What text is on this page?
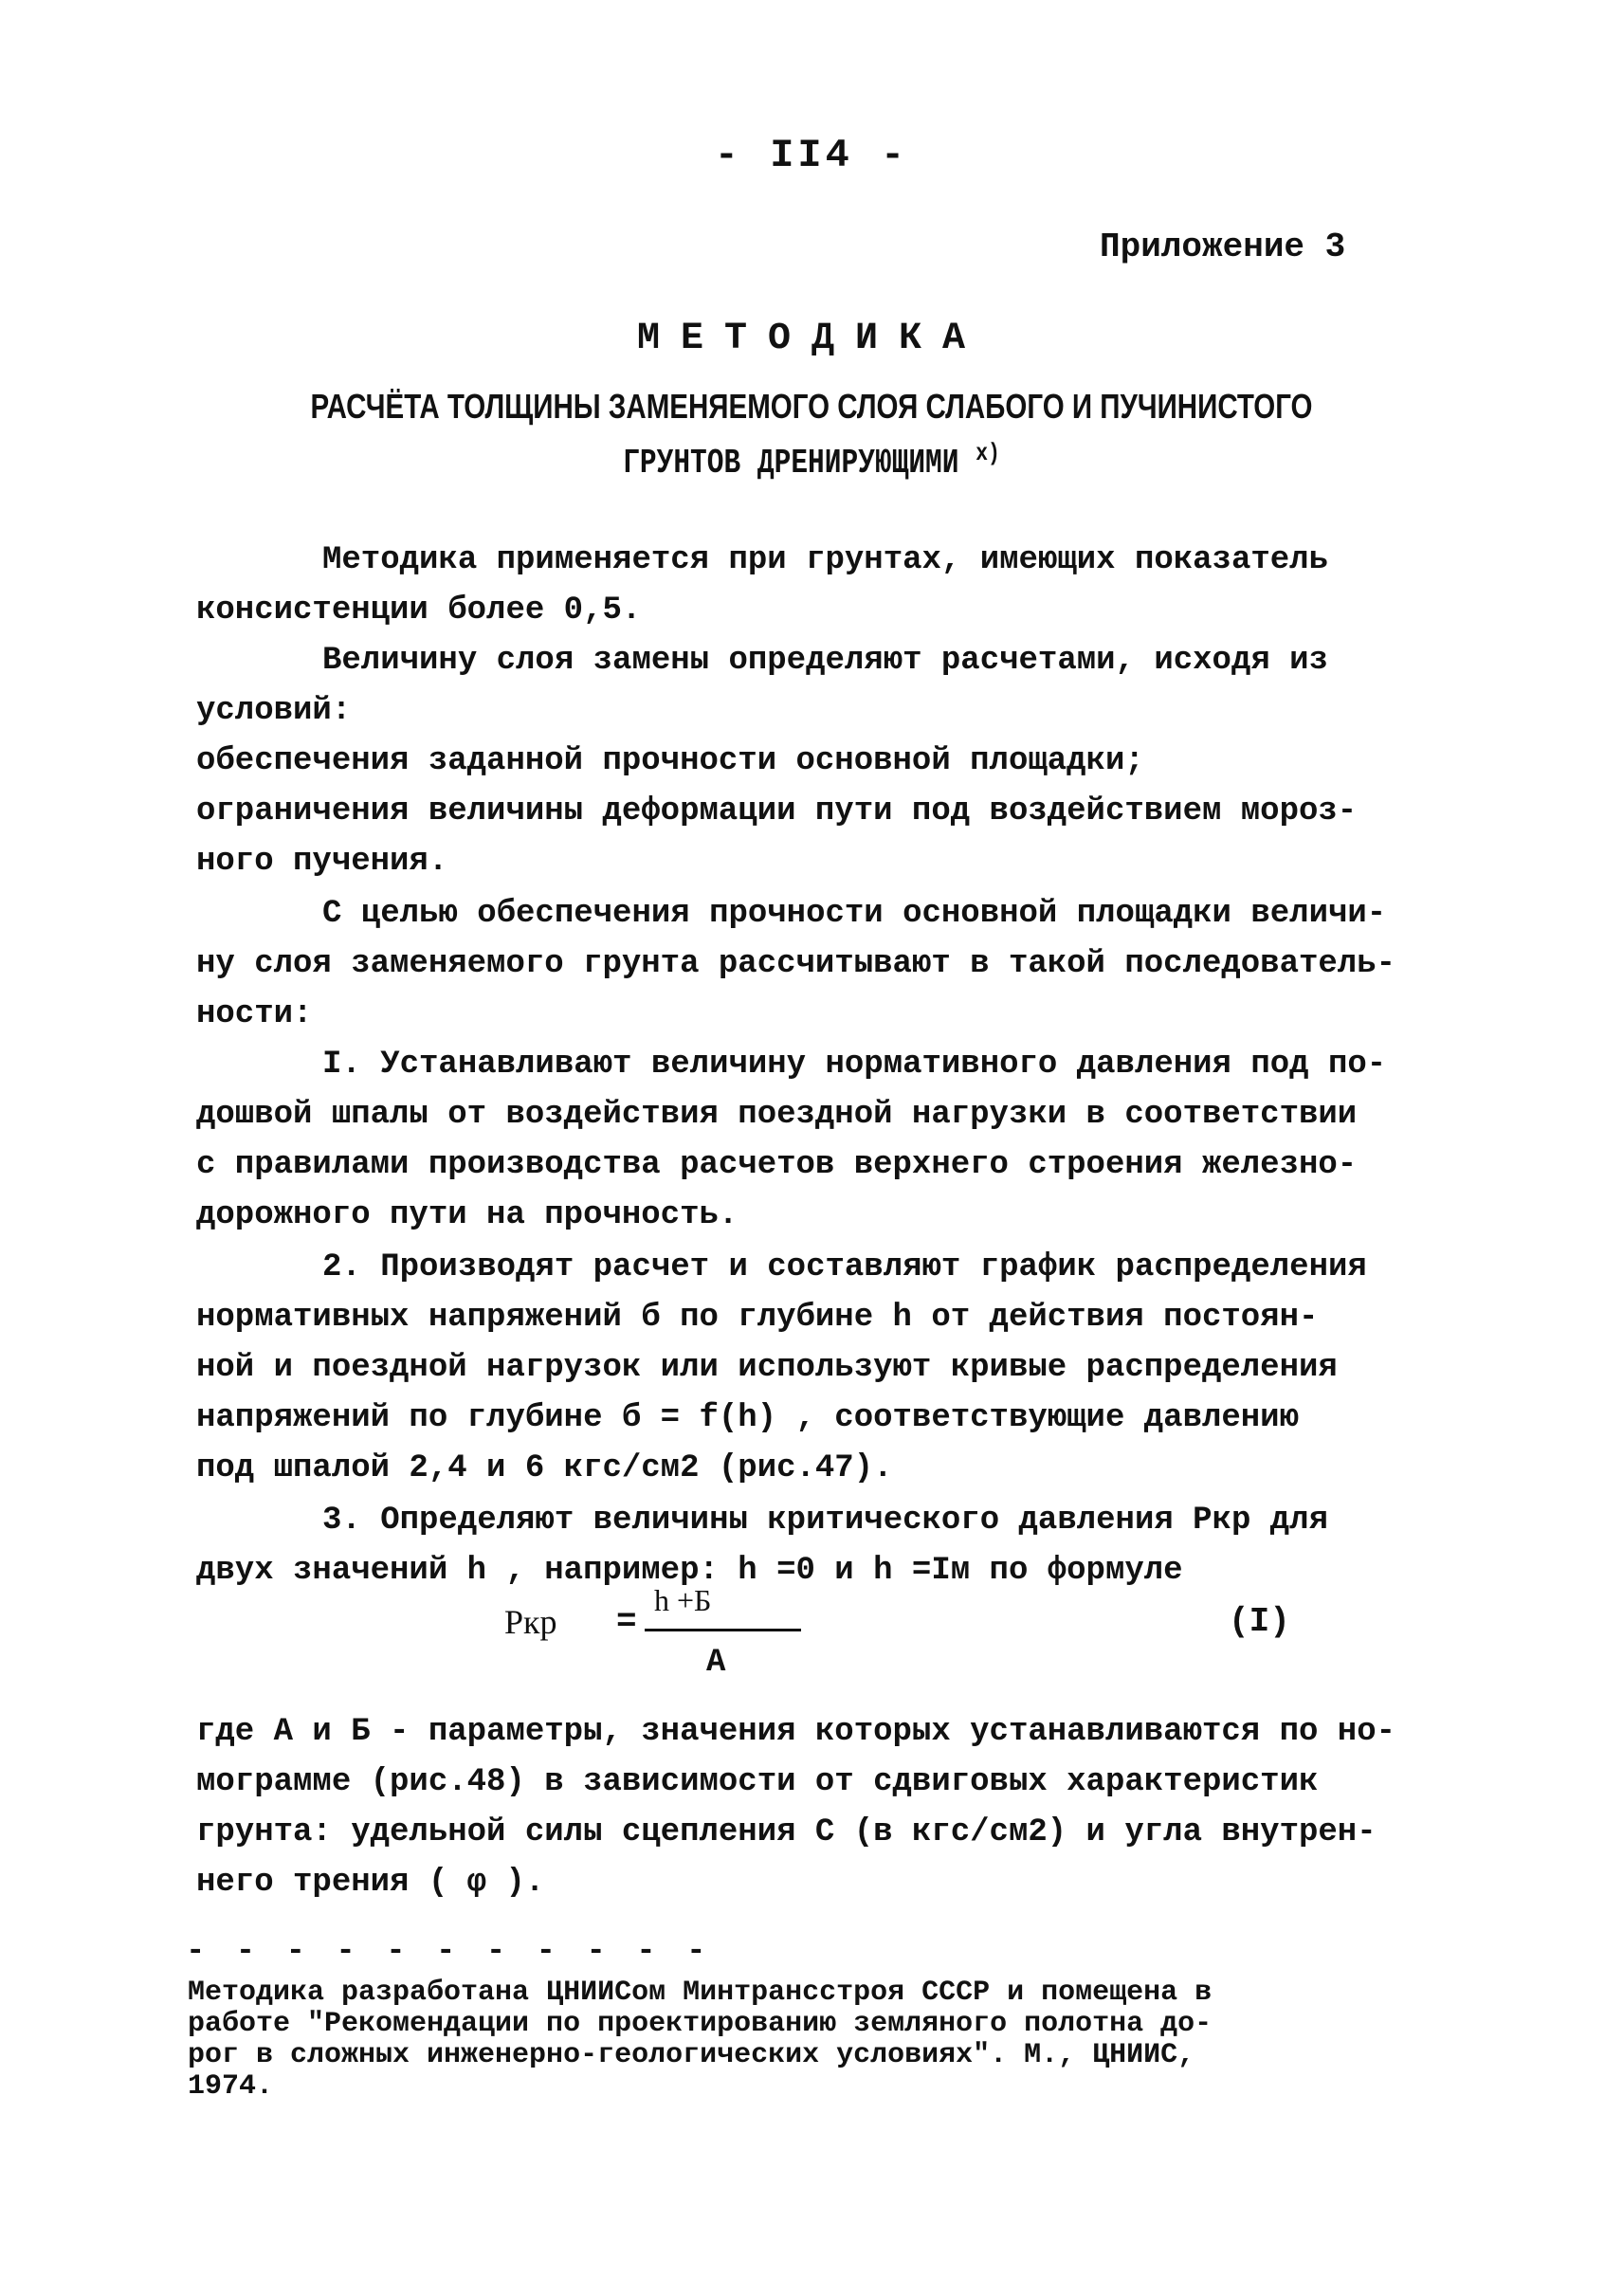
- II4 -
Приложение 3
МЕТОДИКА
РАСЧЁТА ТОЛЩИНЫ ЗАМЕНЯЕМОГО СЛОЯ СЛАБОГО И ПУЧИНИСТОГО
ГРУНТОВ ДРЕНИРУЮЩИМИ $^{x)}$
Методика применяется при грунтах, имеющих показатель
консистенции более 0,5.
Величину слоя замены определяют расчетами, исходя из
условий:
обеспечения заданной прочности основной площадки;
ограничения величины деформации пути под воздействием мороз-
ного пучения.
С целью обеспечения прочности основной площадки величи-
ну слоя заменяемого грунта рассчитывают в такой последователь-
ности:
I. Устанавливают величину нормативного давления под по-
дошвой шпалы от воздействия поездной нагрузки в соответствии
с правилами производства расчетов верхнего строения железно-
дорожного пути на прочность.
2. Производят расчет и составляют график распределения
нормативных напряжений б по глубине h от действия постоян-
ной и поездной нагрузок или используют кривые распределения
напряжений по глубине б = f(h) , соответствующие давлению
под шпалой 2,4 и 6 кгс/см2 (рис.47).
3. Определяют величины критического давления Ркр для
двух значений h , например: h =0 и h =Iм по формуле
Ркр =
h +Б
А
(I)
где А и Б - параметры, значения которых устанавливаются по но-
мограмме (рис.48) в зависимости от сдвиговых характеристик
грунта: удельной силы сцепления С (в кгс/см2) и угла внутрен-
него трения ( φ ).
- - - - - - - - - - -
Методика разработана ЦНИИСом Минтрансстроя СССР и помещена в
работе "Рекомендации по проектированию земляного полотна до-
рог в сложных инженерно-геологических условиях". М., ЦНИИС,
1974.
